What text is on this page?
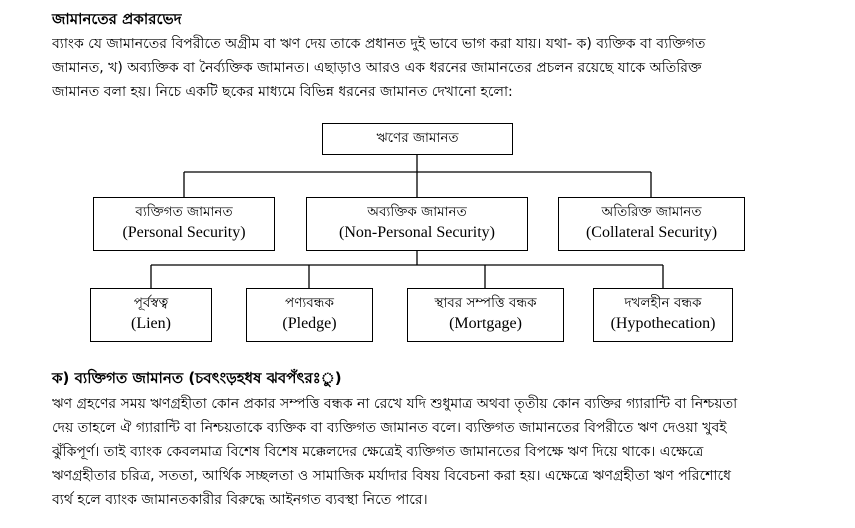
জামানতের প্রকারভেদ
ব্যাংক যে জামানতের বিপরীতে অগ্রীম বা ঋণ দেয় তাকে প্রধানত দুই ভাবে ভাগ করা যায়। যথা- ক) ব্যক্তিক বা ব্যক্তিগত
জামানত, খ) অব্যক্তিক বা নৈর্ব্যক্তিক জামানত। এছাড়াও আরও এক ধরনের জামানতের প্রচলন রয়েছে যাকে অতিরিক্ত
জামানত বলা হয়। নিচে একটি ছকের মাধ্যমে বিভিন্ন ধরনের জামানত দেখানো হলো:
ঋণের জামানত
ব্যক্তিগত জামানত
(Personal Security)
অব্যক্তিক জামানত
(Non-Personal Security)
অতিরিক্ত জামানত
(Collateral Security)
পূর্বস্বত্ব
(Lien)
পণ্যবন্ধক
(Pledge)
স্থাবর সম্পত্তি বন্ধক
(Mortgage)
দখলহীন বন্ধক
(Hypothecation)
ক) ব্যক্তিগত জামানত (চবৎংড়হধষ ঝবপঁৎরঃু)
ঋণ গ্রহণের সময় ঋণগ্রহীতা কোন প্রকার সম্পত্তি বন্ধক না রেখে যদি শুধুমাত্র অথবা তৃতীয় কোন ব্যক্তির গ্যারান্টি বা নিশ্চয়তা
দেয় তাহলে ঐ গ্যারান্টি বা নিশ্চয়তাকে ব্যক্তিক বা ব্যক্তিগত জামানত বলে। ব্যক্তিগত জামানতের বিপরীতে ঋণ দেওয়া খুবই
ঝুঁকিপূর্ণ। তাই ব্যাংক কেবলমাত্র বিশেষ বিশেষ মক্কেলদের ক্ষেত্রেই ব্যক্তিগত জামানতের বিপক্ষে ঋণ দিয়ে থাকে। এক্ষেত্রে
ঋণগ্রহীতার চরিত্র, সততা, আর্থিক সচ্ছলতা ও সামাজিক মর্যাদার বিষয় বিবেচনা করা হয়। এক্ষেত্রে ঋণগ্রহীতা ঋণ পরিশোধে
ব্যর্থ হলে ব্যাংক জামানতকারীর বিরুদ্ধে আইনগত ব্যবস্থা নিতে পারে।
